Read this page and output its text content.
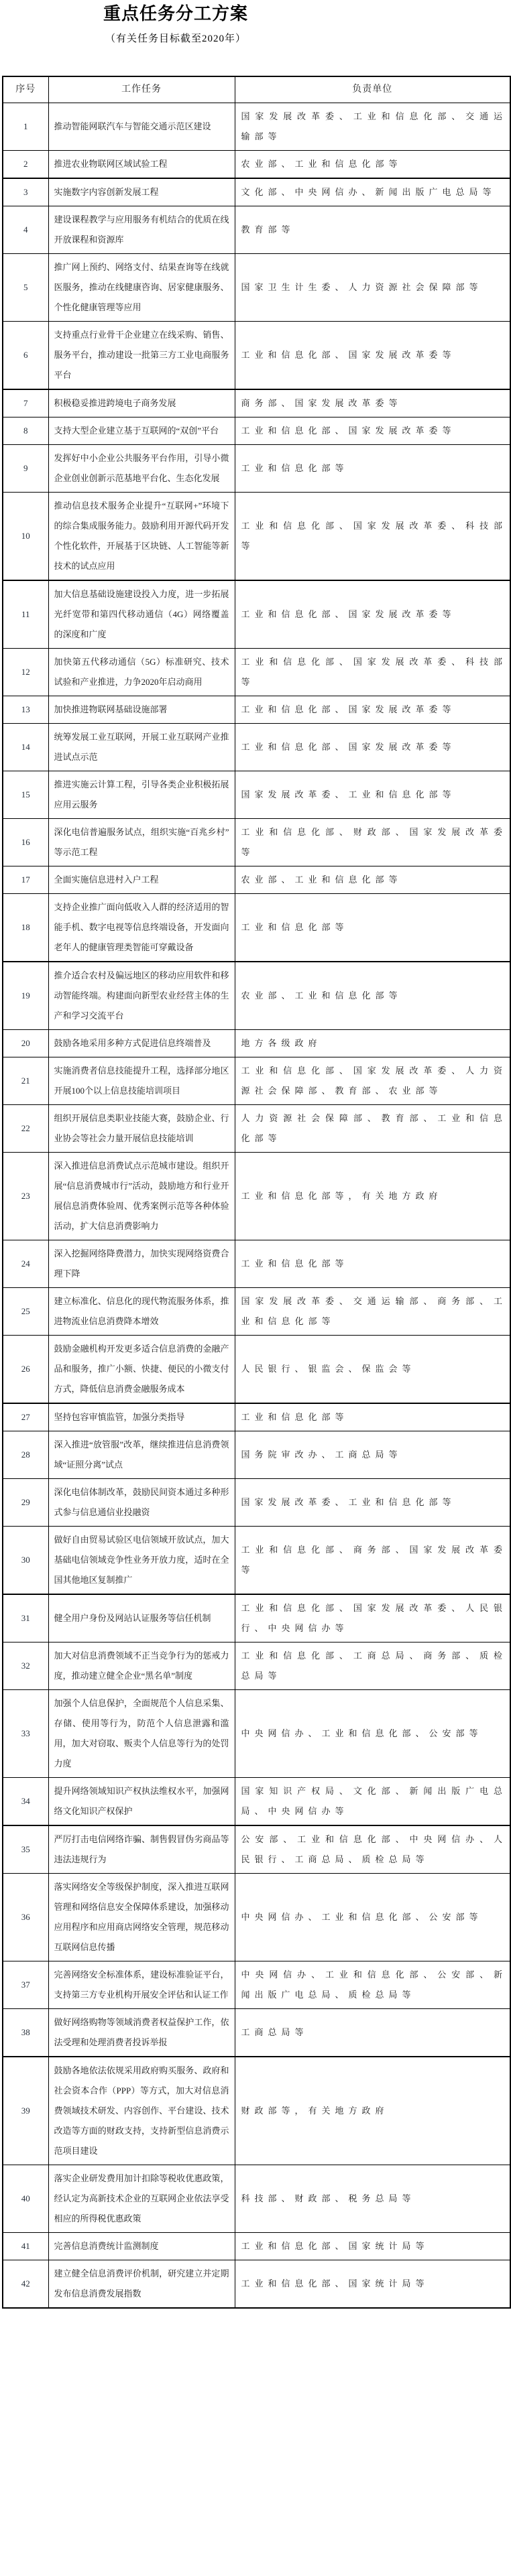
重点任务分工方案
（有关任务目标截至2020年）
序号	工作任务	负责单位
1	推动智能网联汽车与智能交通示范区建设	国家发展改革委、工业和信息化部、交通运输部等
2	推进农业物联网区域试验工程	农业部、工业和信息化部等
3	实施数字内容创新发展工程	文化部、中央网信办、新闻出版广电总局等
4	建设课程教学与应用服务有机结合的优质在线开放课程和资源库	教育部等
5	推广网上预约、网络支付、结果查询等在线就医服务，推动在线健康咨询、居家健康服务、个性化健康管理等应用	国家卫生计生委、人力资源社会保障部等
6	支持重点行业骨干企业建立在线采购、销售、服务平台，推动建设一批第三方工业电商服务平台	工业和信息化部、国家发展改革委等
7	积极稳妥推进跨境电子商务发展	商务部、国家发展改革委等
8	支持大型企业建立基于互联网的“双创”平台	工业和信息化部、国家发展改革委等
9	发挥好中小企业公共服务平台作用，引导小微企业创业创新示范基地平台化、生态化发展	工业和信息化部等
10	推动信息技术服务企业提升“互联网+”环境下的综合集成服务能力。鼓励利用开源代码开发个性化软件，开展基于区块链、人工智能等新技术的试点应用	工业和信息化部、国家发展改革委、科技部等
11	加大信息基础设施建设投入力度，进一步拓展光纤宽带和第四代移动通信（4G）网络覆盖的深度和广度	工业和信息化部、国家发展改革委等
12	加快第五代移动通信（5G）标准研究、技术试验和产业推进，力争2020年启动商用	工业和信息化部、国家发展改革委、科技部等
13	加快推进物联网基础设施部署	工业和信息化部、国家发展改革委等
14	统筹发展工业互联网，开展工业互联网产业推进试点示范	工业和信息化部、国家发展改革委等
15	推进实施云计算工程，引导各类企业积极拓展应用云服务	国家发展改革委、工业和信息化部等
16	深化电信普遍服务试点，组织实施“百兆乡村”等示范工程	工业和信息化部、财政部、国家发展改革委等
17	全面实施信息进村入户工程	农业部、工业和信息化部等
18	支持企业推广面向低收入人群的经济适用的智能手机、数字电视等信息终端设备，开发面向老年人的健康管理类智能可穿戴设备	工业和信息化部等
19	推介适合农村及偏远地区的移动应用软件和移动智能终端。构建面向新型农业经营主体的生产和学习交流平台	农业部、工业和信息化部等
20	鼓励各地采用多种方式促进信息终端普及	地方各级政府
21	实施消费者信息技能提升工程，选择部分地区开展100个以上信息技能培训项目	工业和信息化部、国家发展改革委、人力资源社会保障部、教育部、农业部等
22	组织开展信息类职业技能大赛，鼓励企业、行业协会等社会力量开展信息技能培训	人力资源社会保障部、教育部、工业和信息化部等
23	深入推进信息消费试点示范城市建设。组织开展“信息消费城市行”活动，鼓励地方和行业开展信息消费体验周、优秀案例示范等各种体验活动，扩大信息消费影响力	工业和信息化部等，有关地方政府
24	深入挖掘网络降费潜力，加快实现网络资费合理下降	工业和信息化部等
25	建立标准化、信息化的现代物流服务体系，推进物流业信息消费降本增效	国家发展改革委、交通运输部、商务部、工业和信息化部等
26	鼓励金融机构开发更多适合信息消费的金融产品和服务，推广小额、快捷、便民的小微支付方式，降低信息消费金融服务成本	人民银行、银监会、保监会等
27	坚持包容审慎监管，加强分类指导	工业和信息化部等
28	深入推进“放管服”改革，继续推进信息消费领域“证照分离”试点	国务院审改办、工商总局等
29	深化电信体制改革，鼓励民间资本通过多种形式参与信息通信业投融资	国家发展改革委、工业和信息化部等
30	做好自由贸易试验区电信领域开放试点，加大基础电信领域竞争性业务开放力度，适时在全国其他地区复制推广	工业和信息化部、商务部、国家发展改革委等
31	健全用户身份及网站认证服务等信任机制	工业和信息化部、国家发展改革委、人民银行、中央网信办等
32	加大对信息消费领域不正当竞争行为的惩戒力度，推动建立健全企业“黑名单”制度	工业和信息化部、工商总局、商务部、质检总局等
33	加强个人信息保护，全面规范个人信息采集、存储、使用等行为，防范个人信息泄露和滥用，加大对窃取、贩卖个人信息等行为的处罚力度	中央网信办、工业和信息化部、公安部等
34	提升网络领域知识产权执法维权水平，加强网络文化知识产权保护	国家知识产权局、文化部、新闻出版广电总局、中央网信办等
35	严厉打击电信网络诈骗、制售假冒伪劣商品等违法违规行为	公安部、工业和信息化部、中央网信办、人民银行、工商总局、质检总局等
36	落实网络安全等级保护制度，深入推进互联网管理和网络信息安全保障体系建设，加强移动应用程序和应用商店网络安全管理，规范移动互联网信息传播	中央网信办、工业和信息化部、公安部等
37	完善网络安全标准体系，建设标准验证平台，支持第三方专业机构开展安全评估和认证工作	中央网信办、工业和信息化部、公安部、新闻出版广电总局、质检总局等
38	做好网络购物等领域消费者权益保护工作，依法受理和处理消费者投诉举报	工商总局等
39	鼓励各地依法依规采用政府购买服务、政府和社会资本合作（PPP）等方式，加大对信息消费领域技术研发、内容创作、平台建设、技术改造等方面的财政支持，支持新型信息消费示范项目建设	财政部等，有关地方政府
40	落实企业研发费用加计扣除等税收优惠政策，经认定为高新技术企业的互联网企业依法享受相应的所得税优惠政策	科技部、财政部、税务总局等
41	完善信息消费统计监测制度	工业和信息化部、国家统计局等
42	建立健全信息消费评价机制，研究建立并定期发布信息消费发展指数	工业和信息化部、国家统计局等
